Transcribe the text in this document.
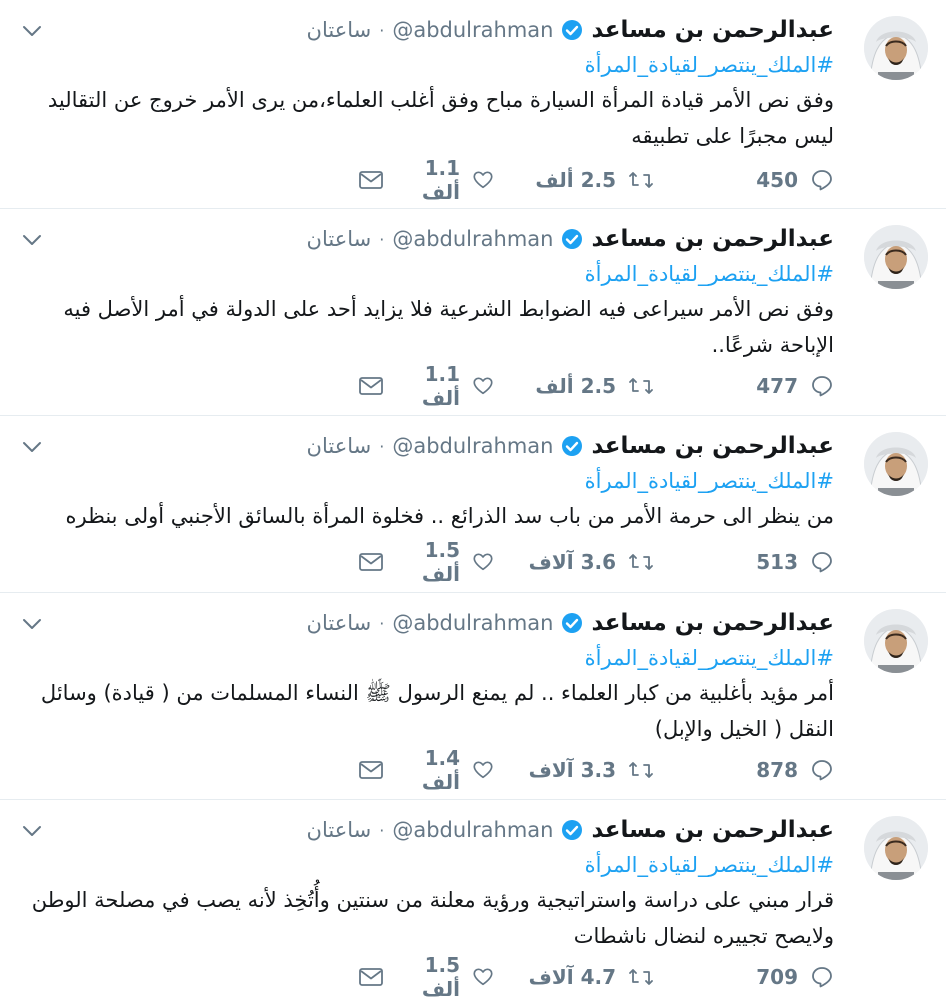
عبدالرحمن بن مساعد
@abdulrahman
·
ساعتان
#الملك_ينتصر_لقيادة_المرأة
وفق نص الأمر قيادة المرأة السيارة مباح وفق أغلب العلماء،من يرى الأمر خروج عن التقاليد ليس مجبرًا على تطبيقه
450
2.5 ألف
1.1 ألف
عبدالرحمن بن مساعد
@abdulrahman
·
ساعتان
#الملك_ينتصر_لقيادة_المرأة
وفق نص الأمر سيراعى فيه الضوابط الشرعية فلا يزايد أحد على الدولة في أمر الأصل فيه الإباحة شرعًا..
477
2.5 ألف
1.1 ألف
عبدالرحمن بن مساعد
@abdulrahman
·
ساعتان
#الملك_ينتصر_لقيادة_المرأة
من ينظر الى حرمة الأمر من باب سد الذرائع .. فخلوة المرأة بالسائق الأجنبي أولى بنظره
513
3.6 آلاف
1.5 ألف
عبدالرحمن بن مساعد
@abdulrahman
·
ساعتان
#الملك_ينتصر_لقيادة_المرأة
أمر مؤيد بأغلبية من كبار العلماء .. لم يمنع الرسول ﷺ النساء المسلمات من ( قيادة) وسائل النقل ( الخيل والإبل)
878
3.3 آلاف
1.4 ألف
عبدالرحمن بن مساعد
@abdulrahman
·
ساعتان
#الملك_ينتصر_لقيادة_المرأة
قرار مبني على دراسة واستراتيجية ورؤية معلنة من سنتين وأُتُخِذ لأنه يصب في مصلحة الوطن ولايصح تجييره لنضال ناشطات
709
4.7 آلاف
1.5 ألف
